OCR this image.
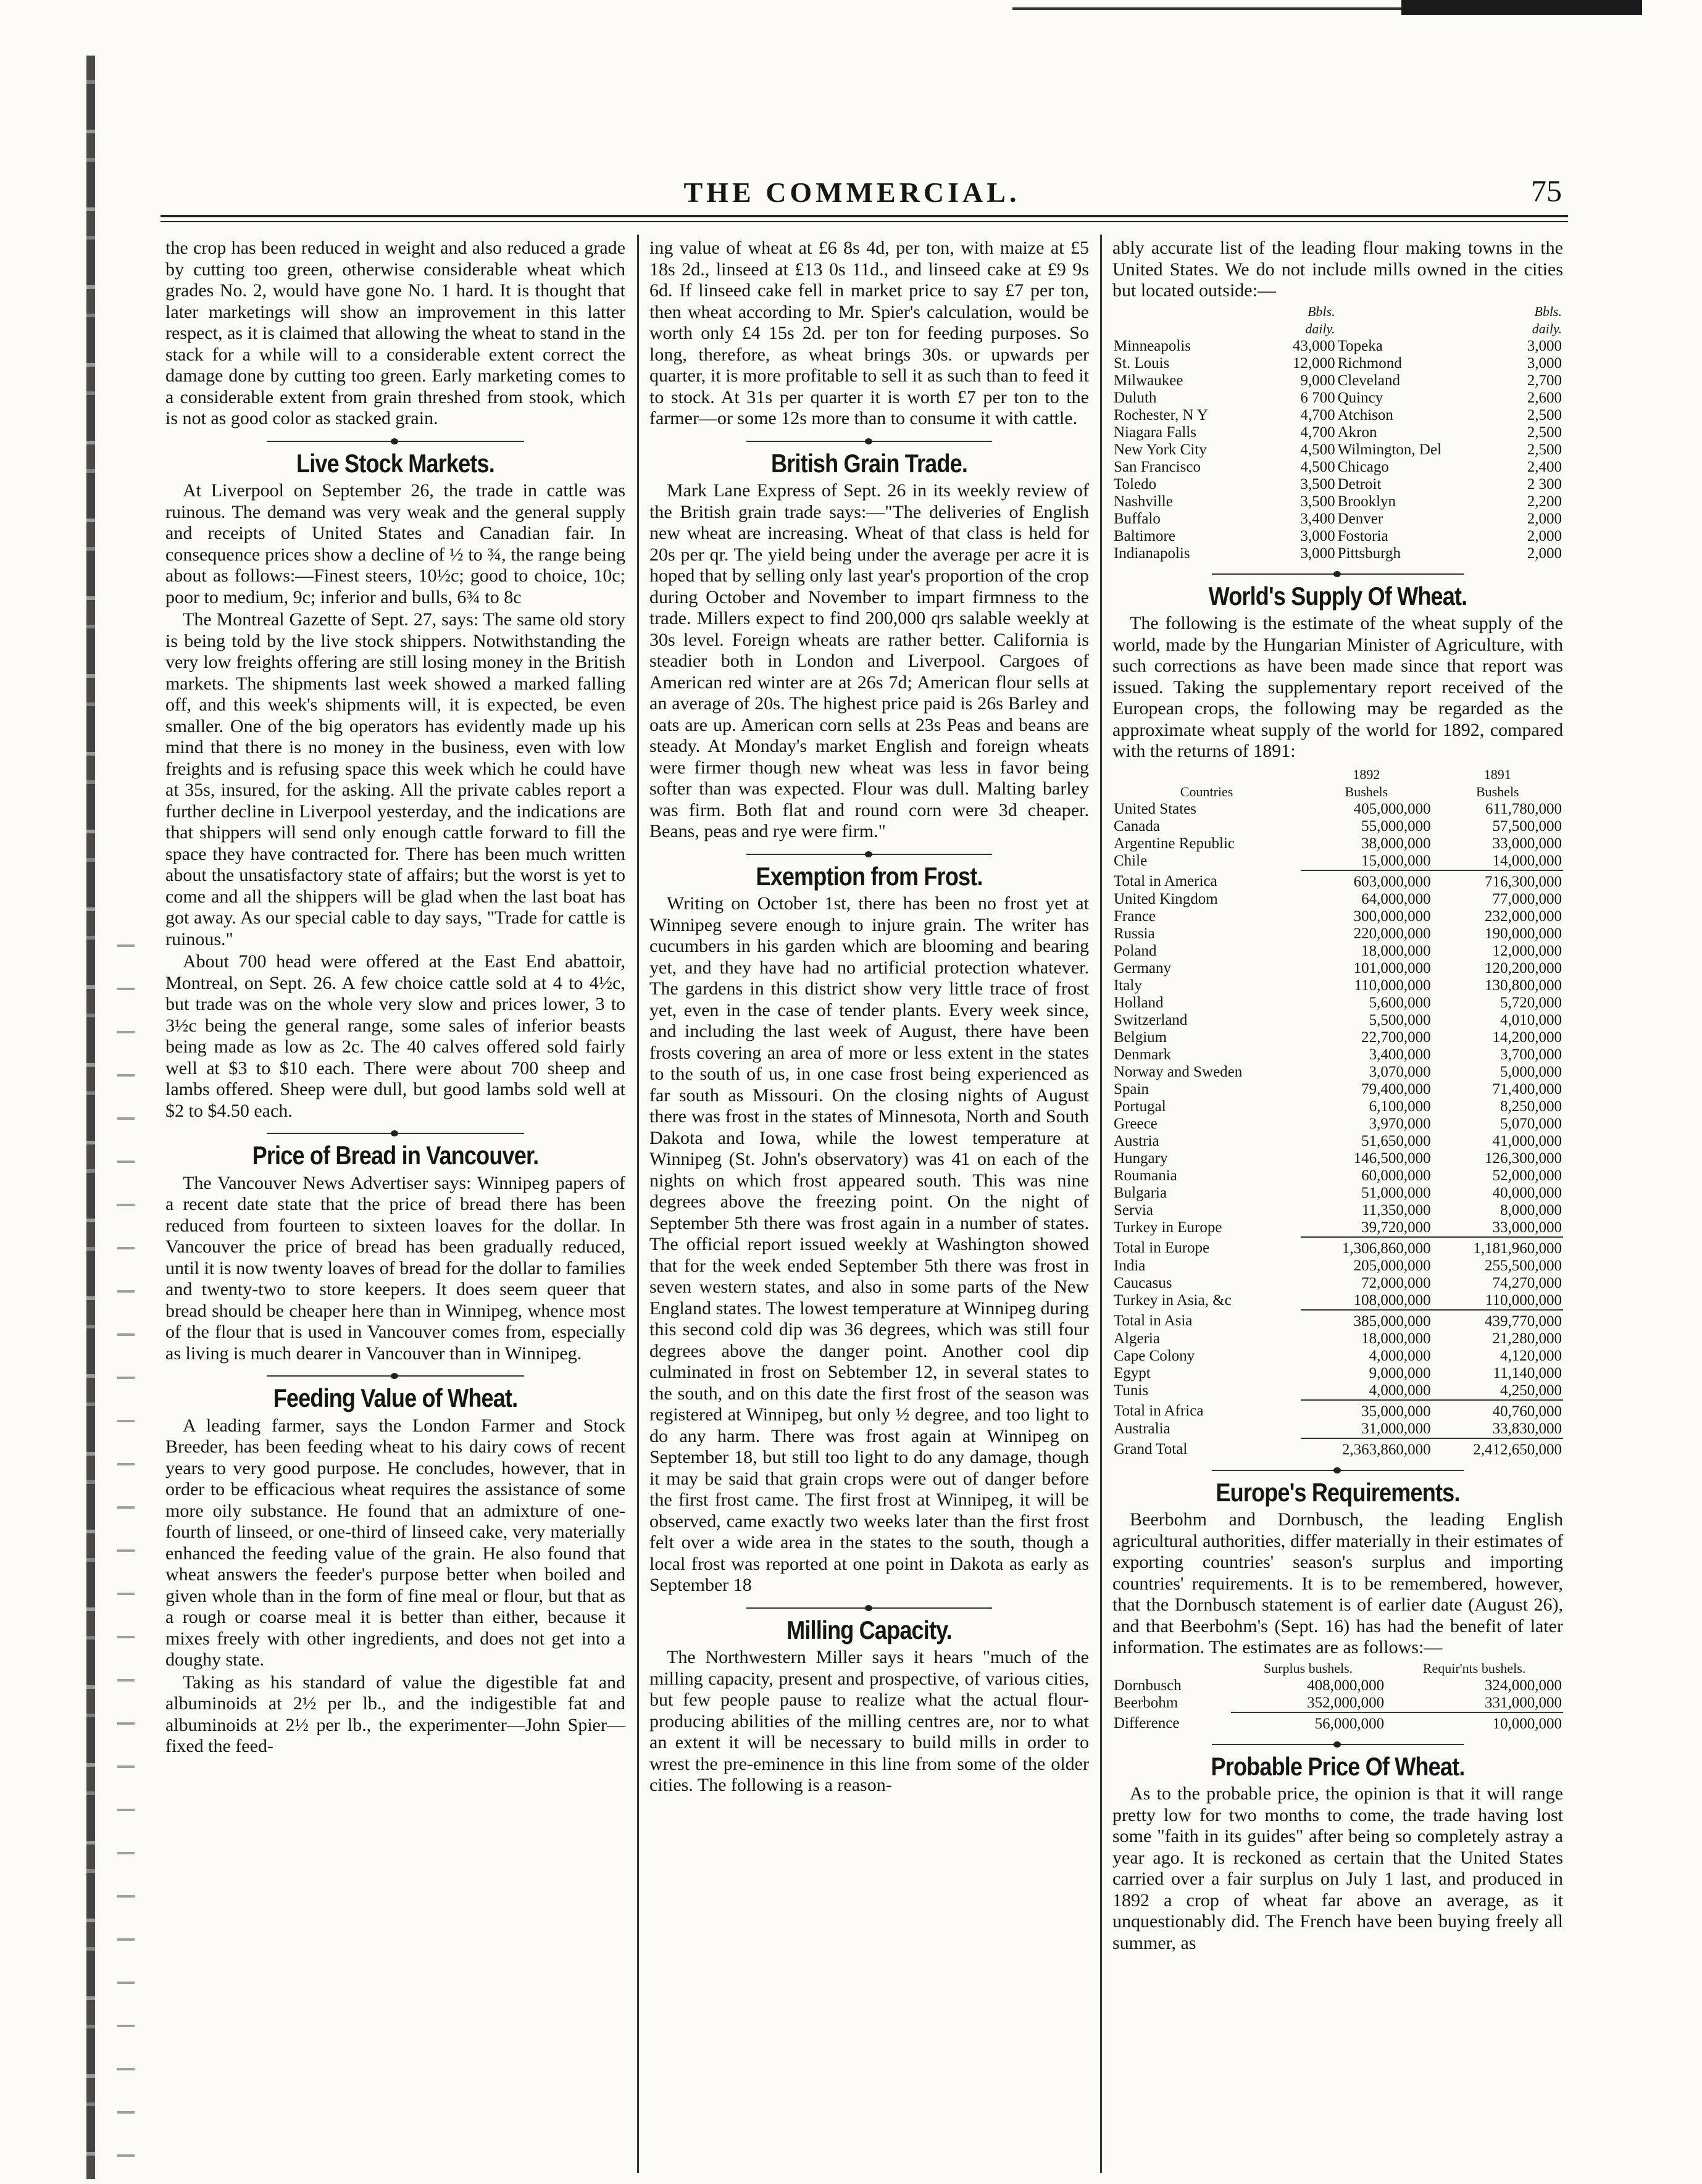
THE COMMERCIAL.	75

the crop has been reduced in weight and also reduced a grade by cutting too green, otherwise considerable wheat which grades No. 2, would have gone No. 1 hard. It is thought that later marketings will show an improvement in this latter respect, as it is claimed that allowing the wheat to stand in the stack for a while will to a considerable extent correct the damage done by cutting too green. Early marketing comes to a considerable extent from grain threshed from stook, which is not as good color as stacked grain.

Live Stock Markets.

At Liverpool on September 26, the trade in cattle was ruinous. The demand was very weak and the general supply and receipts of United States and Canadian fair. In consequence prices show a decline of ½ to ¾, the range being about as follows:—Finest steers, 10½c; good to choice, 10c; poor to medium, 9c; inferior and bulls, 6¾ to 8c

The Montreal Gazette of Sept. 27, says: The same old story is being told by the live stock shippers. Notwithstanding the very low freights offering are still losing money in the British markets. The shipments last week showed a marked falling off, and this week's shipments will, it is expected, be even smaller. One of the big operators has evidently made up his mind that there is no money in the business, even with low freights and is refusing space this week which he could have at 35s, insured, for the asking. All the private cables report a further decline in Liverpool yesterday, and the indications are that shippers will send only enough cattle forward to fill the space they have contracted for. There has been much written about the unsatisfactory state of affairs; but the worst is yet to come and all the shippers will be glad when the last boat has got away. As our special cable to day says, "Trade for cattle is ruinous."

About 700 head were offered at the East End abattoir, Montreal, on Sept. 26. A few choice cattle sold at 4 to 4½c, but trade was on the whole very slow and prices lower, 3 to 3½c being the general range, some sales of inferior beasts being made as low as 2c. The 40 calves offered sold fairly well at $3 to $10 each. There were about 700 sheep and lambs offered. Sheep were dull, but good lambs sold well at $2 to $4.50 each.

Price of Bread in Vancouver.

The Vancouver News Advertiser says: Winnipeg papers of a recent date state that the price of bread there has been reduced from fourteen to sixteen loaves for the dollar. In Vancouver the price of bread has been gradually reduced, until it is now twenty loaves of bread for the dollar to families and twenty-two to store keepers. It does seem queer that bread should be cheaper here than in Winnipeg, whence most of the flour that is used in Vancouver comes from, especially as living is much dearer in Vancouver than in Winnipeg.

Feeding Value of Wheat.

A leading farmer, says the London Farmer and Stock Breeder, has been feeding wheat to his dairy cows of recent years to very good purpose. He concludes, however, that in order to be efficacious wheat requires the assistance of some more oily substance. He found that an admixture of one-fourth of linseed, or one-third of linseed cake, very materially enhanced the feeding value of the grain. He also found that wheat answers the feeder's purpose better when boiled and given whole than in the form of fine meal or flour, but that as a rough or coarse meal it is better than either, because it mixes freely with other ingredients, and does not get into a doughy state.

Taking as his standard of value the digestible fat and albuminoids at 2½ per lb., and the indigestible fat and albuminoids at 2½ per lb., the experimenter—John Spier—fixed the feed-

ing value of wheat at £6 8s 4d, per ton, with maize at £5 18s 2d., linseed at £13 0s 11d., and linseed cake at £9 9s 6d. If linseed cake fell in market price to say £7 per ton, then wheat according to Mr. Spier's calculation, would be worth only £4 15s 2d. per ton for feeding purposes. So long, therefore, as wheat brings 30s. or upwards per quarter, it is more profitable to sell it as such than to feed it to stock. At 31s per quarter it is worth £7 per ton to the farmer—or some 12s more than to consume it with cattle.

British Grain Trade.

Mark Lane Express of Sept. 26 in its weekly review of the British grain trade says:—"The deliveries of English new wheat are increasing. Wheat of that class is held for 20s per qr. The yield being under the average per acre it is hoped that by selling only last year's proportion of the crop during October and November to impart firmness to the trade. Millers expect to find 200,000 qrs salable weekly at 30s level. Foreign wheats are rather better. California is steadier both in London and Liverpool. Cargoes of American red winter are at 26s 7d; American flour sells at an average of 20s. The highest price paid is 26s Barley and oats are up. American corn sells at 23s Peas and beans are steady. At Monday's market English and foreign wheats were firmer though new wheat was less in favor being softer than was expected. Flour was dull. Malting barley was firm. Both flat and round corn were 3d cheaper. Beans, peas and rye were firm."

Exemption from Frost.

Writing on October 1st, there has been no frost yet at Winnipeg severe enough to injure grain. The writer has cucumbers in his garden which are blooming and bearing yet, and they have had no artificial protection whatever. The gardens in this district show very little trace of frost yet, even in the case of tender plants. Every week since, and including the last week of August, there have been frosts covering an area of more or less extent in the states to the south of us, in one case frost being experienced as far south as Missouri. On the closing nights of August there was frost in the states of Minnesota, North and South Dakota and Iowa, while the lowest temperature at Winnipeg (St. John's observatory) was 41 on each of the nights on which frost appeared south. This was nine degrees above the freezing point. On the night of September 5th there was frost again in a number of states. The official report issued weekly at Washington showed that for the week ended September 5th there was frost in seven western states, and also in some parts of the New England states. The lowest temperature at Winnipeg during this second cold dip was 36 degrees, which was still four degrees above the danger point. Another cool dip culminated in frost on Sebtember 12, in several states to the south, and on this date the first frost of the season was registered at Winnipeg, but only ½ degree, and too light to do any harm. There was frost again at Winnipeg on September 18, but still too light to do any damage, though it may be said that grain crops were out of danger before the first frost came. The first frost at Winnipeg, it will be observed, came exactly two weeks later than the first frost felt over a wide area in the states to the south, though a local frost was reported at one point in Dakota as early as September 18

Milling Capacity.

The Northwestern Miller says it hears "much of the milling capacity, present and prospective, of various cities, but few people pause to realize what the actual flour-producing abilities of the milling centres are, nor to what an extent it will be necessary to build mills in order to wrest the pre-eminence in this line from some of the older cities. The following is a reason-

ably accurate list of the leading flour making towns in the United States. We do not include mills owned in the cities but located outside:—

	Bbls.
daily.		Bbls.
daily.
Minneapolis	43,000	Topeka	3,000
St. Louis	12,000	Richmond	3,000
Milwaukee	9,000	Cleveland	2,700
Duluth	6 700	Quincy	2,600
Rochester, N Y	4,700	Atchison	2,500
Niagara Falls	4,700	Akron	2,500
New York City	4,500	Wilmington, Del	2,500
San Francisco	4,500	Chicago	2,400
Toledo	3,500	Detroit	2 300
Nashville	3,500	Brooklyn	2,200
Buffalo	3,400	Denver	2,000
Baltimore	3,000	Fostoria	2,000
Indianapolis	3,000	Pittsburgh	2,000
World's Supply Of Wheat.

The following is the estimate of the wheat supply of the world, made by the Hungarian Minister of Agriculture, with such corrections as have been made since that report was issued. Taking the supplementary report received of the European crops, the following may be regarded as the approximate wheat supply of the world for 1892, compared with the returns of 1891:

	1892	1891
Countries	Bushels	Bushels
United States	405,000,000	611,780,000
Canada	55,000,000	57,500,000
Argentine Republic	38,000,000	33,000,000
Chile	15,000,000	14,000,000
Total in America	603,000,000	716,300,000
United Kingdom	64,000,000	77,000,000
France	300,000,000	232,000,000
Russia	220,000,000	190,000,000
Poland	18,000,000	12,000,000
Germany	101,000,000	120,200,000
Italy	110,000,000	130,800,000
Holland	5,600,000	5,720,000
Switzerland	5,500,000	4,010,000
Belgium	22,700,000	14,200,000
Denmark	3,400,000	3,700,000
Norway and Sweden	3,070,000	5,000,000
Spain	79,400,000	71,400,000
Portugal	6,100,000	8,250,000
Greece	3,970,000	5,070,000
Austria	51,650,000	41,000,000
Hungary	146,500,000	126,300,000
Roumania	60,000,000	52,000,000
Bulgaria	51,000,000	40,000,000
Servia	11,350,000	8,000,000
Turkey in Europe	39,720,000	33,000,000
Total in Europe	1,306,860,000	1,181,960,000
India	205,000,000	255,500,000
Caucasus	72,000,000	74,270,000
Turkey in Asia, &c	108,000,000	110,000,000
Total in Asia	385,000,000	439,770,000
Algeria	18,000,000	21,280,000
Cape Colony	4,000,000	4,120,000
Egypt	9,000,000	11,140,000
Tunis	4,000,000	4,250,000
Total in Africa	35,000,000	40,760,000
Australia	31,000,000	33,830,000
Grand Total	2,363,860,000	2,412,650,000
Europe's Requirements.

Beerbohm and Dornbusch, the leading English agricultural authorities, differ materially in their estimates of exporting countries' season's surplus and importing countries' requirements. It is to be remembered, however, that the Dornbusch statement is of earlier date (August 26), and that Beerbohm's (Sept. 16) has had the benefit of later information. The estimates are as follows:—

	Surplus bushels.	Requir'nts bushels.
Dornbusch	408,000,000	324,000,000
Beerbohm	352,000,000	331,000,000
Difference	56,000,000	10,000,000
Probable Price Of Wheat.

As to the probable price, the opinion is that it will range pretty low for two months to come, the trade having lost some "faith in its guides" after being so completely astray a year ago. It is reckoned as certain that the United States carried over a fair surplus on July 1 last, and produced in 1892 a crop of wheat far above an average, as it unquestionably did. The French have been buying freely all summer, as
